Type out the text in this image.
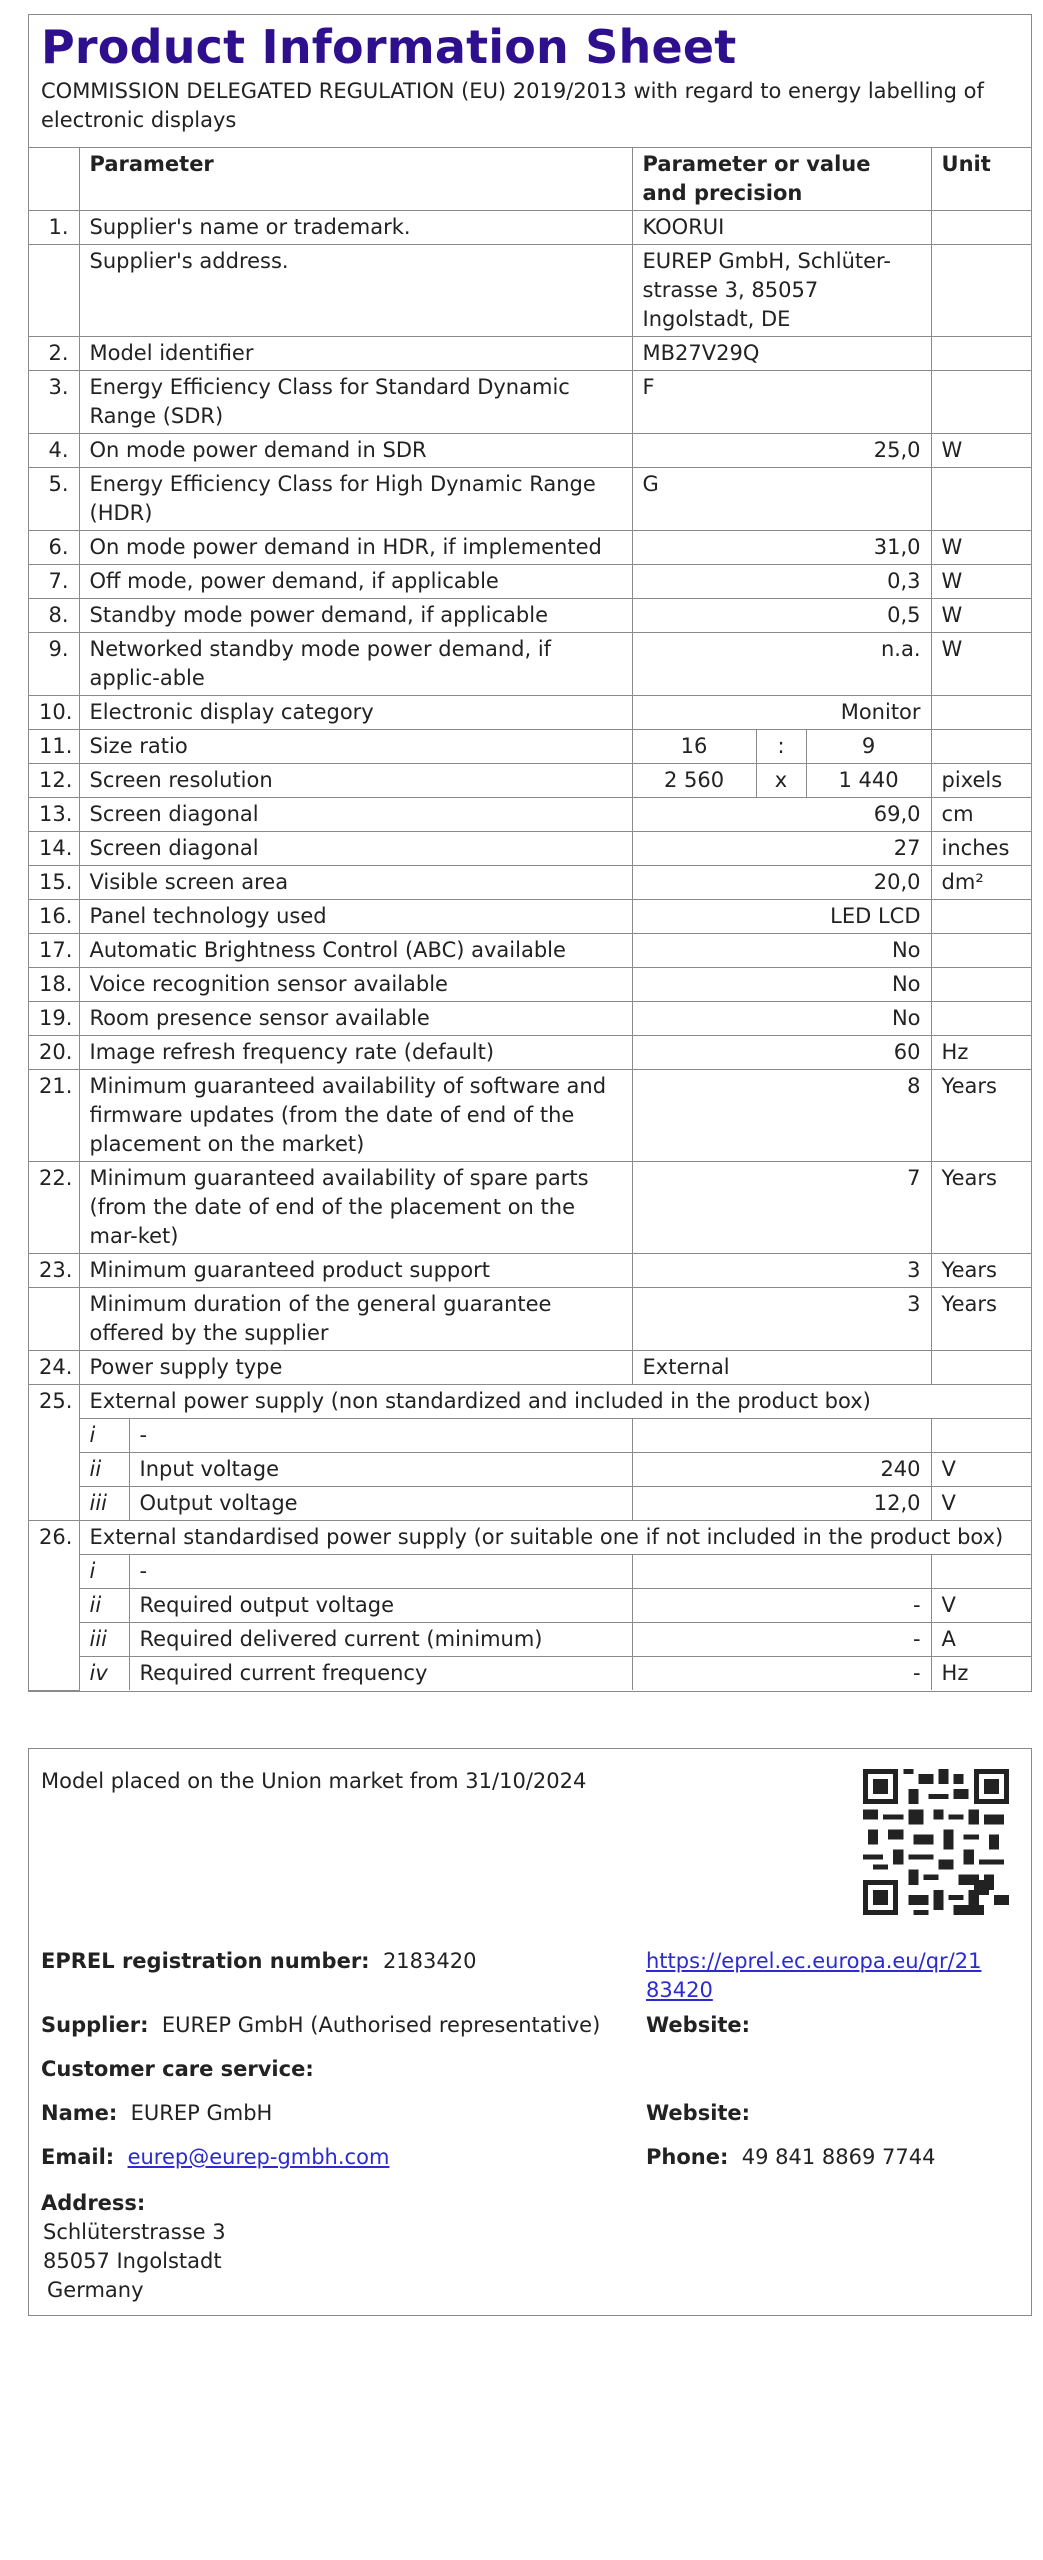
Product Information Sheet
COMMISSION DELEGATED REGULATION (EU) 2019/2013 with regard to energy labelling of electronic displays
	Parameter		Parameter or value and precision			Unit
1.	Supplier's name or trademark.		KOORUI			
	Supplier's address.		EUREP GmbH, Schlüter-strasse 3, 85057 Ingolstadt, DE			
2.	Model identifier		MB27V29Q			
3.	Energy Efficiency Class for Standard Dynamic Range (SDR)		F			
4.	On mode power demand in SDR		25,0			W
5.	Energy Efficiency Class for High Dynamic Range (HDR)		G			
6.	On mode power demand in HDR, if implemented		31,0			W
7.	Off mode, power demand, if applicable		0,3			W
8.	Standby mode power demand, if applicable		0,5			W
9.	Networked standby mode power demand, if applic-able		n.a.			W
10.	Electronic display category		Monitor			
11.	Size ratio		16	:	9	
12.	Screen resolution		2 560	x	1 440	pixels
13.	Screen diagonal		69,0			cm
14.	Screen diagonal		27			inches
15.	Visible screen area		20,0			dm²
16.	Panel technology used		LED LCD			
17.	Automatic Brightness Control (ABC) available		No			
18.	Voice recognition sensor available		No			
19.	Room presence sensor available		No			
20.	Image refresh frequency rate (default)		60			Hz
21.	Minimum guaranteed availability of software and firmware updates (from the date of end of the placement on the market)		8			Years
22.	Minimum guaranteed availability of spare parts (from the date of end of the placement on the mar-ket)		7			Years
23.	Minimum guaranteed product support		3			Years
	Minimum duration of the general guarantee offered by the supplier		3			Years
24.	Power supply type		External			
25.	External power supply (non standardized and included in the product box)					
	i	-				
	ii	Input voltage	240			V
	iii	Output voltage	12,0			V
26.	External standardised power supply (or suitable one if not included in the product box)					
	i	-				
	ii	Required output voltage	-			V
	iii	Required delivered current (minimum)	-			A
	iv	Required current frequency	-			Hz
Model placed on the Union market from 31/10/2024
EPREL registration number: 2183420	https://eprel.ec.europa.eu/qr/21
83420
Supplier: EUREP GmbH (Authorised representative) Website:
Customer care service:
Name: EUREP GmbH	Website:
Email: eurep@eurep-gmbh.com	Phone: 49 841 8869 7744
Address:
Schlüterstrasse 3
85057 Ingolstadt
Germany
